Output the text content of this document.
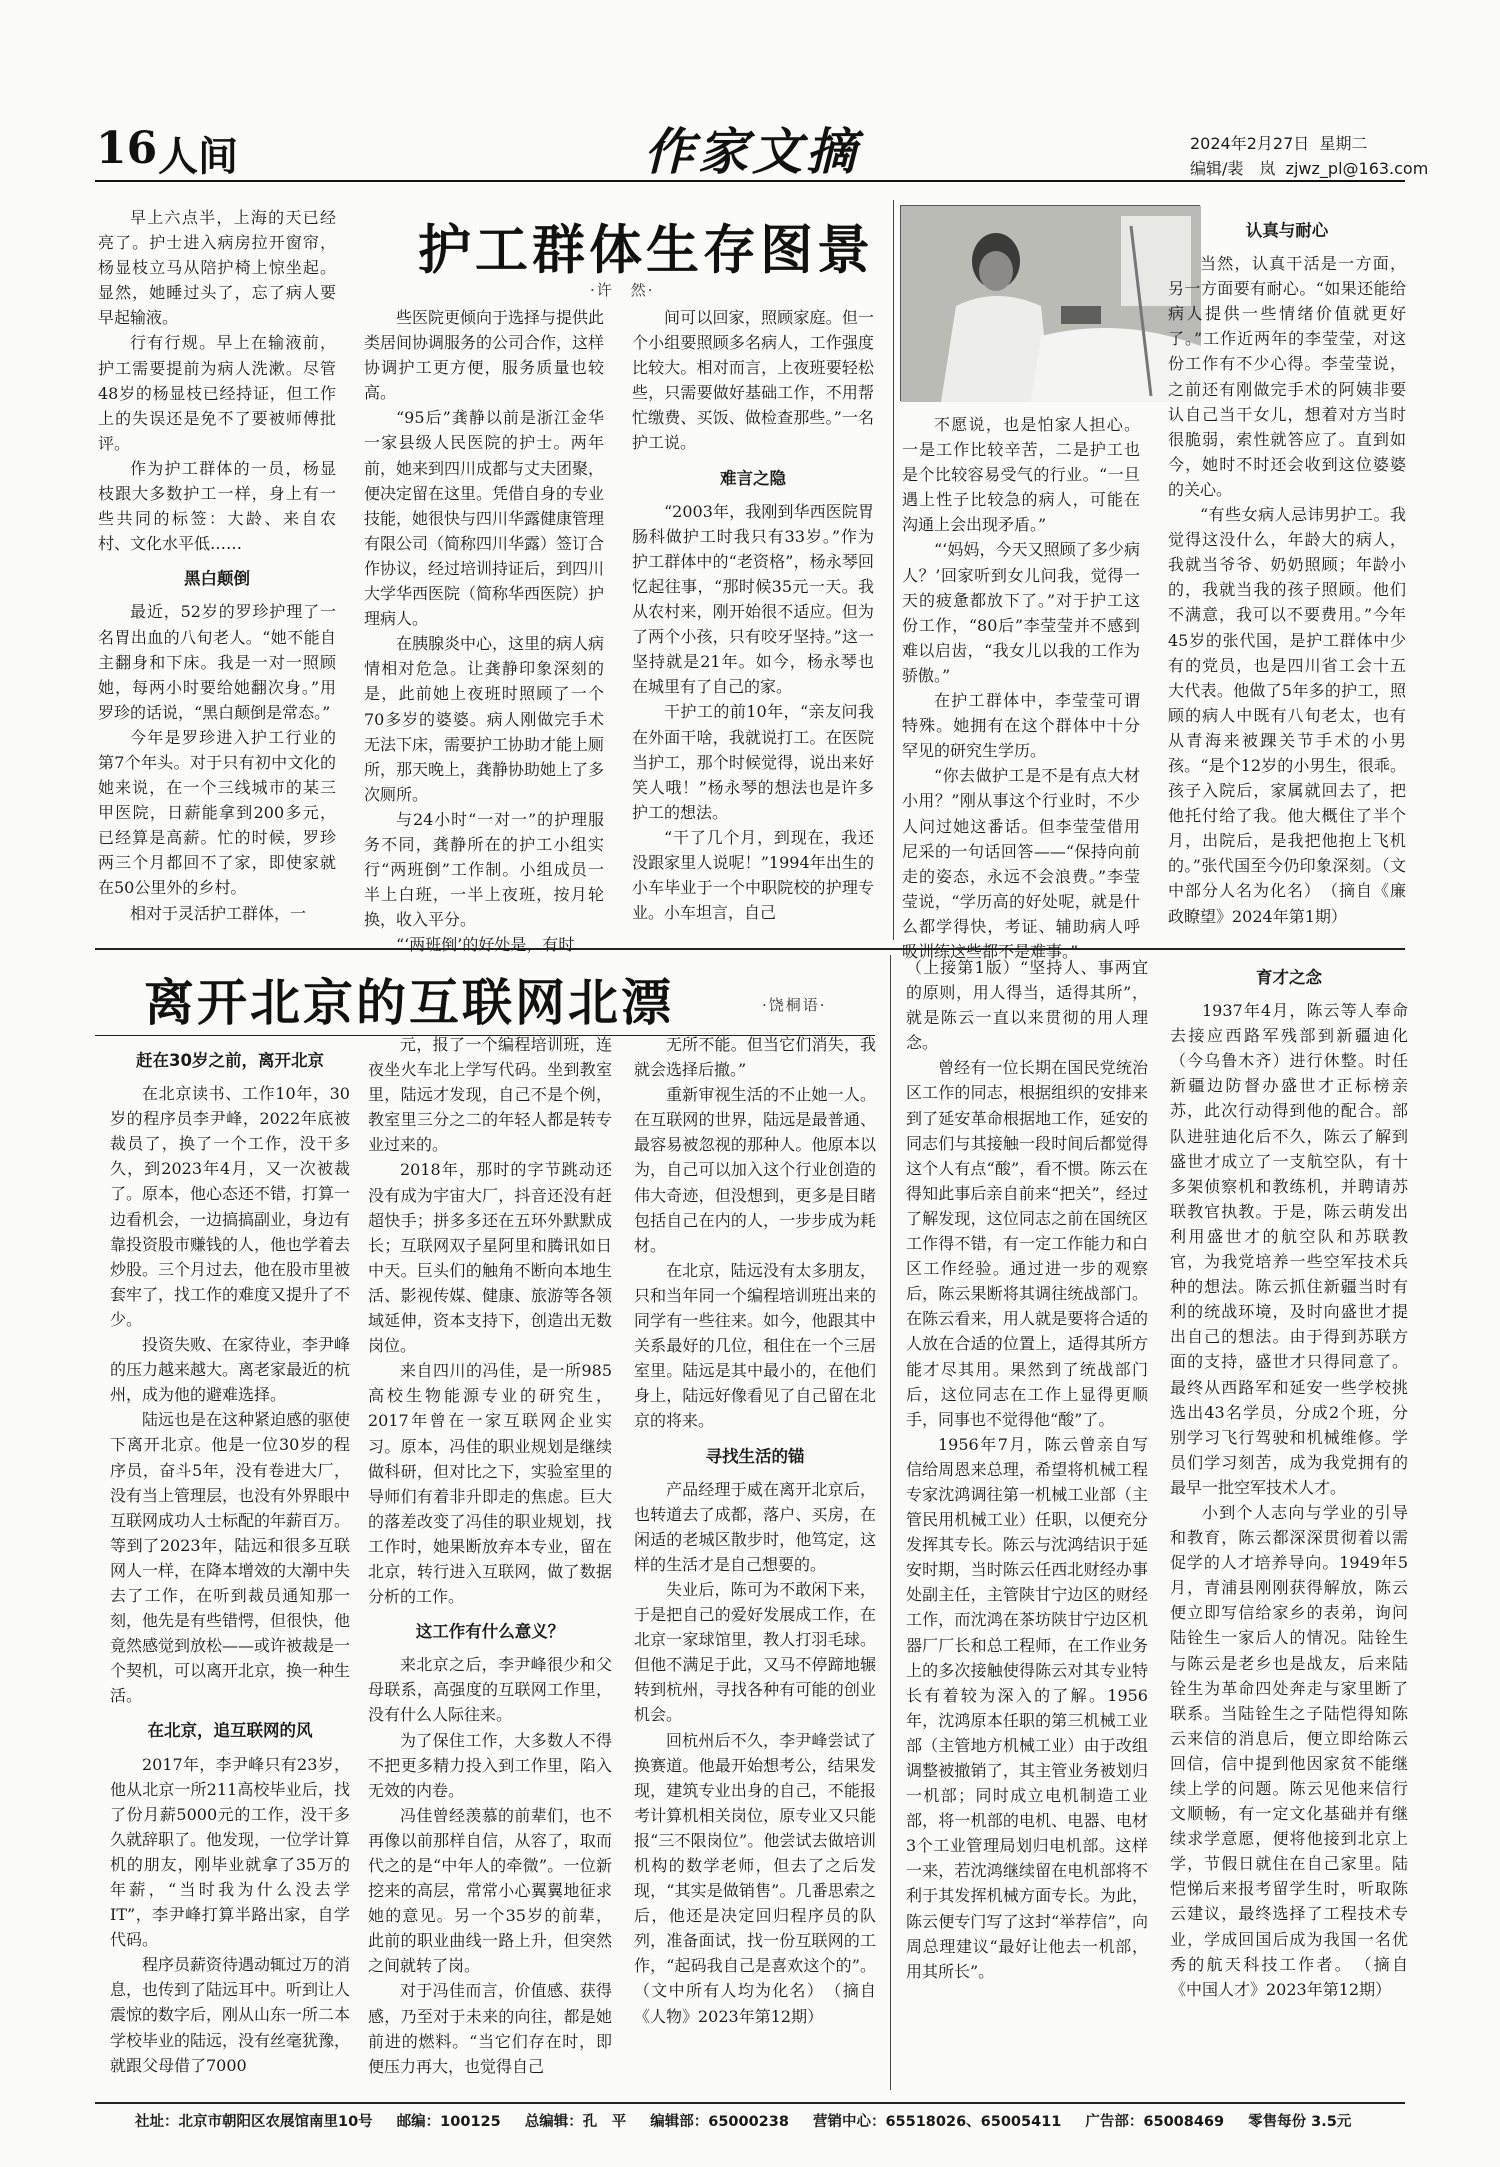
16 人间	作家文摘	2024年2月27日 星期二
编辑/裴　岚 zjwz_pl@163.com
护工群体生存图景
·许　然·

早上六点半，上海的天已经亮了。护士进入病房拉开窗帘，杨显枝立马从陪护椅上惊坐起。显然，她睡过头了，忘了病人要早起输液。

行有行规。早上在输液前，护工需要提前为病人洗漱。尽管48岁的杨显枝已经持证，但工作上的失误还是免不了要被师傅批评。

作为护工群体的一员，杨显枝跟大多数护工一样，身上有一些共同的标签：大龄、来自农村、文化水平低……

黑白颠倒

最近，52岁的罗珍护理了一名胃出血的八旬老人。“她不能自主翻身和下床。我是一对一照顾她，每两小时要给她翻次身。”用罗珍的话说，“黑白颠倒是常态。”

今年是罗珍进入护工行业的第7个年头。对于只有初中文化的她来说，在一个三线城市的某三甲医院，日薪能拿到200多元，已经算是高薪。忙的时候，罗珍两三个月都回不了家，即使家就在50公里外的乡村。

相对于灵活护工群体，一

些医院更倾向于选择与提供此类居间协调服务的公司合作，这样协调护工更方便，服务质量也较高。

“95后”龚静以前是浙江金华一家县级人民医院的护士。两年前，她来到四川成都与丈夫团聚，便决定留在这里。凭借自身的专业技能，她很快与四川华露健康管理有限公司（简称四川华露）签订合作协议，经过培训持证后，到四川大学华西医院（简称华西医院）护理病人。

在胰腺炎中心，这里的病人病情相对危急。让龚静印象深刻的是，此前她上夜班时照顾了一个70多岁的婆婆。病人刚做完手术无法下床，需要护工协助才能上厕所，那天晚上，龚静协助她上了多次厕所。

与24小时“一对一”的护理服务不同，龚静所在的护工小组实行“两班倒”工作制。小组成员一半上白班，一半上夜班，按月轮换，收入平分。

“‘两班倒’的好处是，有时

间可以回家，照顾家庭。但一个小组要照顾多名病人，工作强度比较大。相对而言，上夜班要轻松些，只需要做好基础工作，不用帮忙缴费、买饭、做检查那些。”一名护工说。

难言之隐

“2003年，我刚到华西医院胃肠科做护工时我只有33岁。”作为护工群体中的“老资格”，杨永琴回忆起往事，“那时候35元一天。我从农村来，刚开始很不适应。但为了两个小孩，只有咬牙坚持。”这一坚持就是21年。如今，杨永琴也在城里有了自己的家。

干护工的前10年，“亲友问我在外面干啥，我就说打工。在医院当护工，那个时候觉得，说出来好笑人哦！”杨永琴的想法也是许多护工的想法。

“干了几个月，到现在，我还没跟家里人说呢！”1994年出生的小车毕业于一个中职院校的护理专业。小车坦言，自己

不愿说，也是怕家人担心。一是工作比较辛苦，二是护工也是个比较容易受气的行业。“一旦遇上性子比较急的病人，可能在沟通上会出现矛盾。”

“‘妈妈，今天又照顾了多少病人？’回家听到女儿问我，觉得一天的疲惫都放下了。”对于护工这份工作，“80后”李莹莹并不感到难以启齿，“我女儿以我的工作为骄傲。”

在护工群体中，李莹莹可谓特殊。她拥有在这个群体中十分罕见的研究生学历。

“你去做护工是不是有点大材小用？”刚从事这个行业时，不少人问过她这番话。但李莹莹借用尼采的一句话回答——“保持向前走的姿态，永远不会浪费。”李莹莹说，“学历高的好处呢，就是什么都学得快，考证、辅助病人呼吸训练这些都不是难事。”

认真与耐心

当然，认真干活是一方面，另一方面要有耐心。“如果还能给病人提供一些情绪价值就更好了。”工作近两年的李莹莹，对这份工作有不少心得。李莹莹说，之前还有刚做完手术的阿姨非要认自己当干女儿，想着对方当时很脆弱，索性就答应了。直到如今，她时不时还会收到这位婆婆的关心。

“有些女病人忌讳男护工。我觉得这没什么，年龄大的病人，我就当爷爷、奶奶照顾；年龄小的，我就当我的孩子照顾。他们不满意，我可以不要费用。”今年45岁的张代国，是护工群体中少有的党员，也是四川省工会十五大代表。他做了5年多的护工，照顾的病人中既有八旬老太，也有从青海来被踝关节手术的小男孩。“是个12岁的小男生，很乖。孩子入院后，家属就回去了，把他托付给了我。他大概住了半个月，出院后，是我把他抱上飞机的。”张代国至今仍印象深刻。（文中部分人名为化名）　（摘自《廉政瞭望》2024年第1期）

离开北京的互联网北漂	·饶桐语·
赶在30岁之前，离开北京

在北京读书、工作10年，30岁的程序员李尹峰，2022年底被裁员了，换了一个工作，没干多久，到2023年4月，又一次被裁了。原本，他心态还不错，打算一边看机会，一边搞搞副业，身边有靠投资股市赚钱的人，他也学着去炒股。三个月过去，他在股市里被套牢了，找工作的难度又提升了不少。

投资失败、在家待业，李尹峰的压力越来越大。离老家最近的杭州，成为他的避难选择。

陆远也是在这种紧迫感的驱使下离开北京。他是一位30岁的程序员，奋斗5年，没有卷进大厂，没有当上管理层，也没有外界眼中互联网成功人士标配的年薪百万。等到了2023年，陆远和很多互联网人一样，在降本增效的大潮中失去了工作，在听到裁员通知那一刻，他先是有些错愕，但很快，他竟然感觉到放松——或许被裁是一个契机，可以离开北京，换一种生活。

在北京，追互联网的风

2017年，李尹峰只有23岁，他从北京一所211高校毕业后，找了份月薪5000元的工作，没干多久就辞职了。他发现，一位学计算机的朋友，刚毕业就拿了35万的年薪，“当时我为什么没去学IT”，李尹峰打算半路出家，自学代码。

程序员薪资待遇动辄过万的消息，也传到了陆远耳中。听到让人震惊的数字后，刚从山东一所二本学校毕业的陆远，没有丝毫犹豫，就跟父母借了7000

元，报了一个编程培训班，连夜坐火车北上学写代码。坐到教室里，陆远才发现，自己不是个例，教室里三分之二的年轻人都是转专业过来的。

2018年，那时的字节跳动还没有成为宇宙大厂，抖音还没有赶超快手；拼多多还在五环外默默成长；互联网双子星阿里和腾讯如日中天。巨头们的触角不断向本地生活、影视传媒、健康、旅游等各领域延伸，资本支持下，创造出无数岗位。

来自四川的冯佳，是一所985高校生物能源专业的研究生，2017年曾在一家互联网企业实习。原本，冯佳的职业规划是继续做科研，但对比之下，实验室里的导师们有着非升即走的焦虑。巨大的落差改变了冯佳的职业规划，找工作时，她果断放弃本专业，留在北京，转行进入互联网，做了数据分析的工作。

这工作有什么意义？

来北京之后，李尹峰很少和父母联系，高强度的互联网工作里，没有什么人际往来。

为了保住工作，大多数人不得不把更多精力投入到工作里，陷入无效的内卷。

冯佳曾经羡慕的前辈们，也不再像以前那样自信，从容了，取而代之的是“中年人的牵微”。一位新挖来的高层，常常小心翼翼地征求她的意见。另一个35岁的前辈，此前的职业曲线一路上升，但突然之间就转了岗。

对于冯佳而言，价值感、获得感，乃至对于未来的向往，都是她前进的燃料。“当它们存在时，即便压力再大，也觉得自己

无所不能。但当它们消失，我就会选择后撤。”

重新审视生活的不止她一人。在互联网的世界，陆远是最普通、最容易被忽视的那种人。他原本以为，自己可以加入这个行业创造的伟大奇迹，但没想到，更多是目睹包括自己在内的人，一步步成为耗材。

在北京，陆远没有太多朋友，只和当年同一个编程培训班出来的同学有一些往来。如今，他跟其中关系最好的几位，租住在一个三居室里。陆远是其中最小的，在他们身上，陆远好像看见了自己留在北京的将来。

寻找生活的锚

产品经理于威在离开北京后，也转道去了成都，落户、买房，在闲适的老城区散步时，他笃定，这样的生活才是自己想要的。

失业后，陈可为不敢闲下来，于是把自己的爱好发展成工作，在北京一家球馆里，教人打羽毛球。但他不满足于此，又马不停蹄地辗转到杭州，寻找各种有可能的创业机会。

回杭州后不久，李尹峰尝试了换赛道。他最开始想考公，结果发现，建筑专业出身的自己，不能报考计算机相关岗位，原专业又只能报“三不限岗位”。他尝试去做培训机构的数学老师，但去了之后发现，“其实是做销售”。几番思索之后，他还是决定回归程序员的队列，准备面试，找一份互联网的工作，“起码我自己是喜欢这个的”。（文中所有人均为化名）　（摘自《人物》2023年第12期）

（上接第1版）“坚持人、事两宜的原则，用人得当，适得其所”，就是陈云一直以来贯彻的用人理念。

曾经有一位长期在国民党统治区工作的同志，根据组织的安排来到了延安革命根据地工作，延安的同志们与其接触一段时间后都觉得这个人有点“酸”，看不惯。陈云在得知此事后亲自前来“把关”，经过了解发现，这位同志之前在国统区工作得不错，有一定工作能力和白区工作经验。通过进一步的观察后，陈云果断将其调往统战部门。在陈云看来，用人就是要将合适的人放在合适的位置上，适得其所方能才尽其用。果然到了统战部门后，这位同志在工作上显得更顺手，同事也不觉得他“酸”了。

1956年7月，陈云曾亲自写信给周恩来总理，希望将机械工程专家沈鸿调往第一机械工业部（主管民用机械工业）任职，以便充分发挥其专长。陈云与沈鸿结识于延安时期，当时陈云任西北财经办事处副主任，主管陕甘宁边区的财经工作，而沈鸿在茶坊陕甘宁边区机器厂厂长和总工程师，在工作业务上的多次接触使得陈云对其专业特长有着较为深入的了解。1956年，沈鸿原本任职的第三机械工业部（主管地方机械工业）由于改组调整被撤销了，其主管业务被划归一机部；同时成立电机制造工业部，将一机部的电机、电器、电材3个工业管理局划归电机部。这样一来，若沈鸿继续留在电机部将不利于其发挥机械方面专长。为此，陈云便专门写了这封“举荐信”，向周总理建议“最好让他去一机部，用其所长”。

育才之念

1937年4月，陈云等人奉命去接应西路军残部到新疆迪化（今乌鲁木齐）进行休整。时任新疆边防督办盛世才正标榜亲苏，此次行动得到他的配合。部队进驻迪化后不久，陈云了解到盛世才成立了一支航空队，有十多架侦察机和教练机，并聘请苏联教官执教。于是，陈云萌发出利用盛世才的航空队和苏联教官，为我党培养一些空军技术兵种的想法。陈云抓住新疆当时有利的统战环境，及时向盛世才提出自己的想法。由于得到苏联方面的支持，盛世才只得同意了。最终从西路军和延安一些学校挑选出43名学员，分成2个班，分别学习飞行驾驶和机械维修。学员们学习刻苦，成为我党拥有的最早一批空军技术人才。

小到个人志向与学业的引导和教育，陈云都深深贯彻着以需促学的人才培养导向。1949年5月，青浦县刚刚获得解放，陈云便立即写信给家乡的表弟，询问陆铨生一家后人的情况。陆铨生与陈云是老乡也是战友，后来陆铨生为革命四处奔走与家里断了联系。当陆铨生之子陆恺得知陈云来信的消息后，便立即给陈云回信，信中提到他因家贫不能继续上学的问题。陈云见他来信行文顺畅，有一定文化基础并有继续求学意愿，便将他接到北京上学，节假日就住在自己家里。陆恺悌后来报考留学生时，听取陈云建议，最终选择了工程技术专业，学成回国后成为我国一名优秀的航天科技工作者。　（摘自《中国人才》2023年第12期）

社址：北京市朝阳区农展馆南里10号 邮编：100125 总编辑：孔　平 编辑部：65000238 营销中心：65518026、65005411 广告部：65008469 零售每份 3.5元
